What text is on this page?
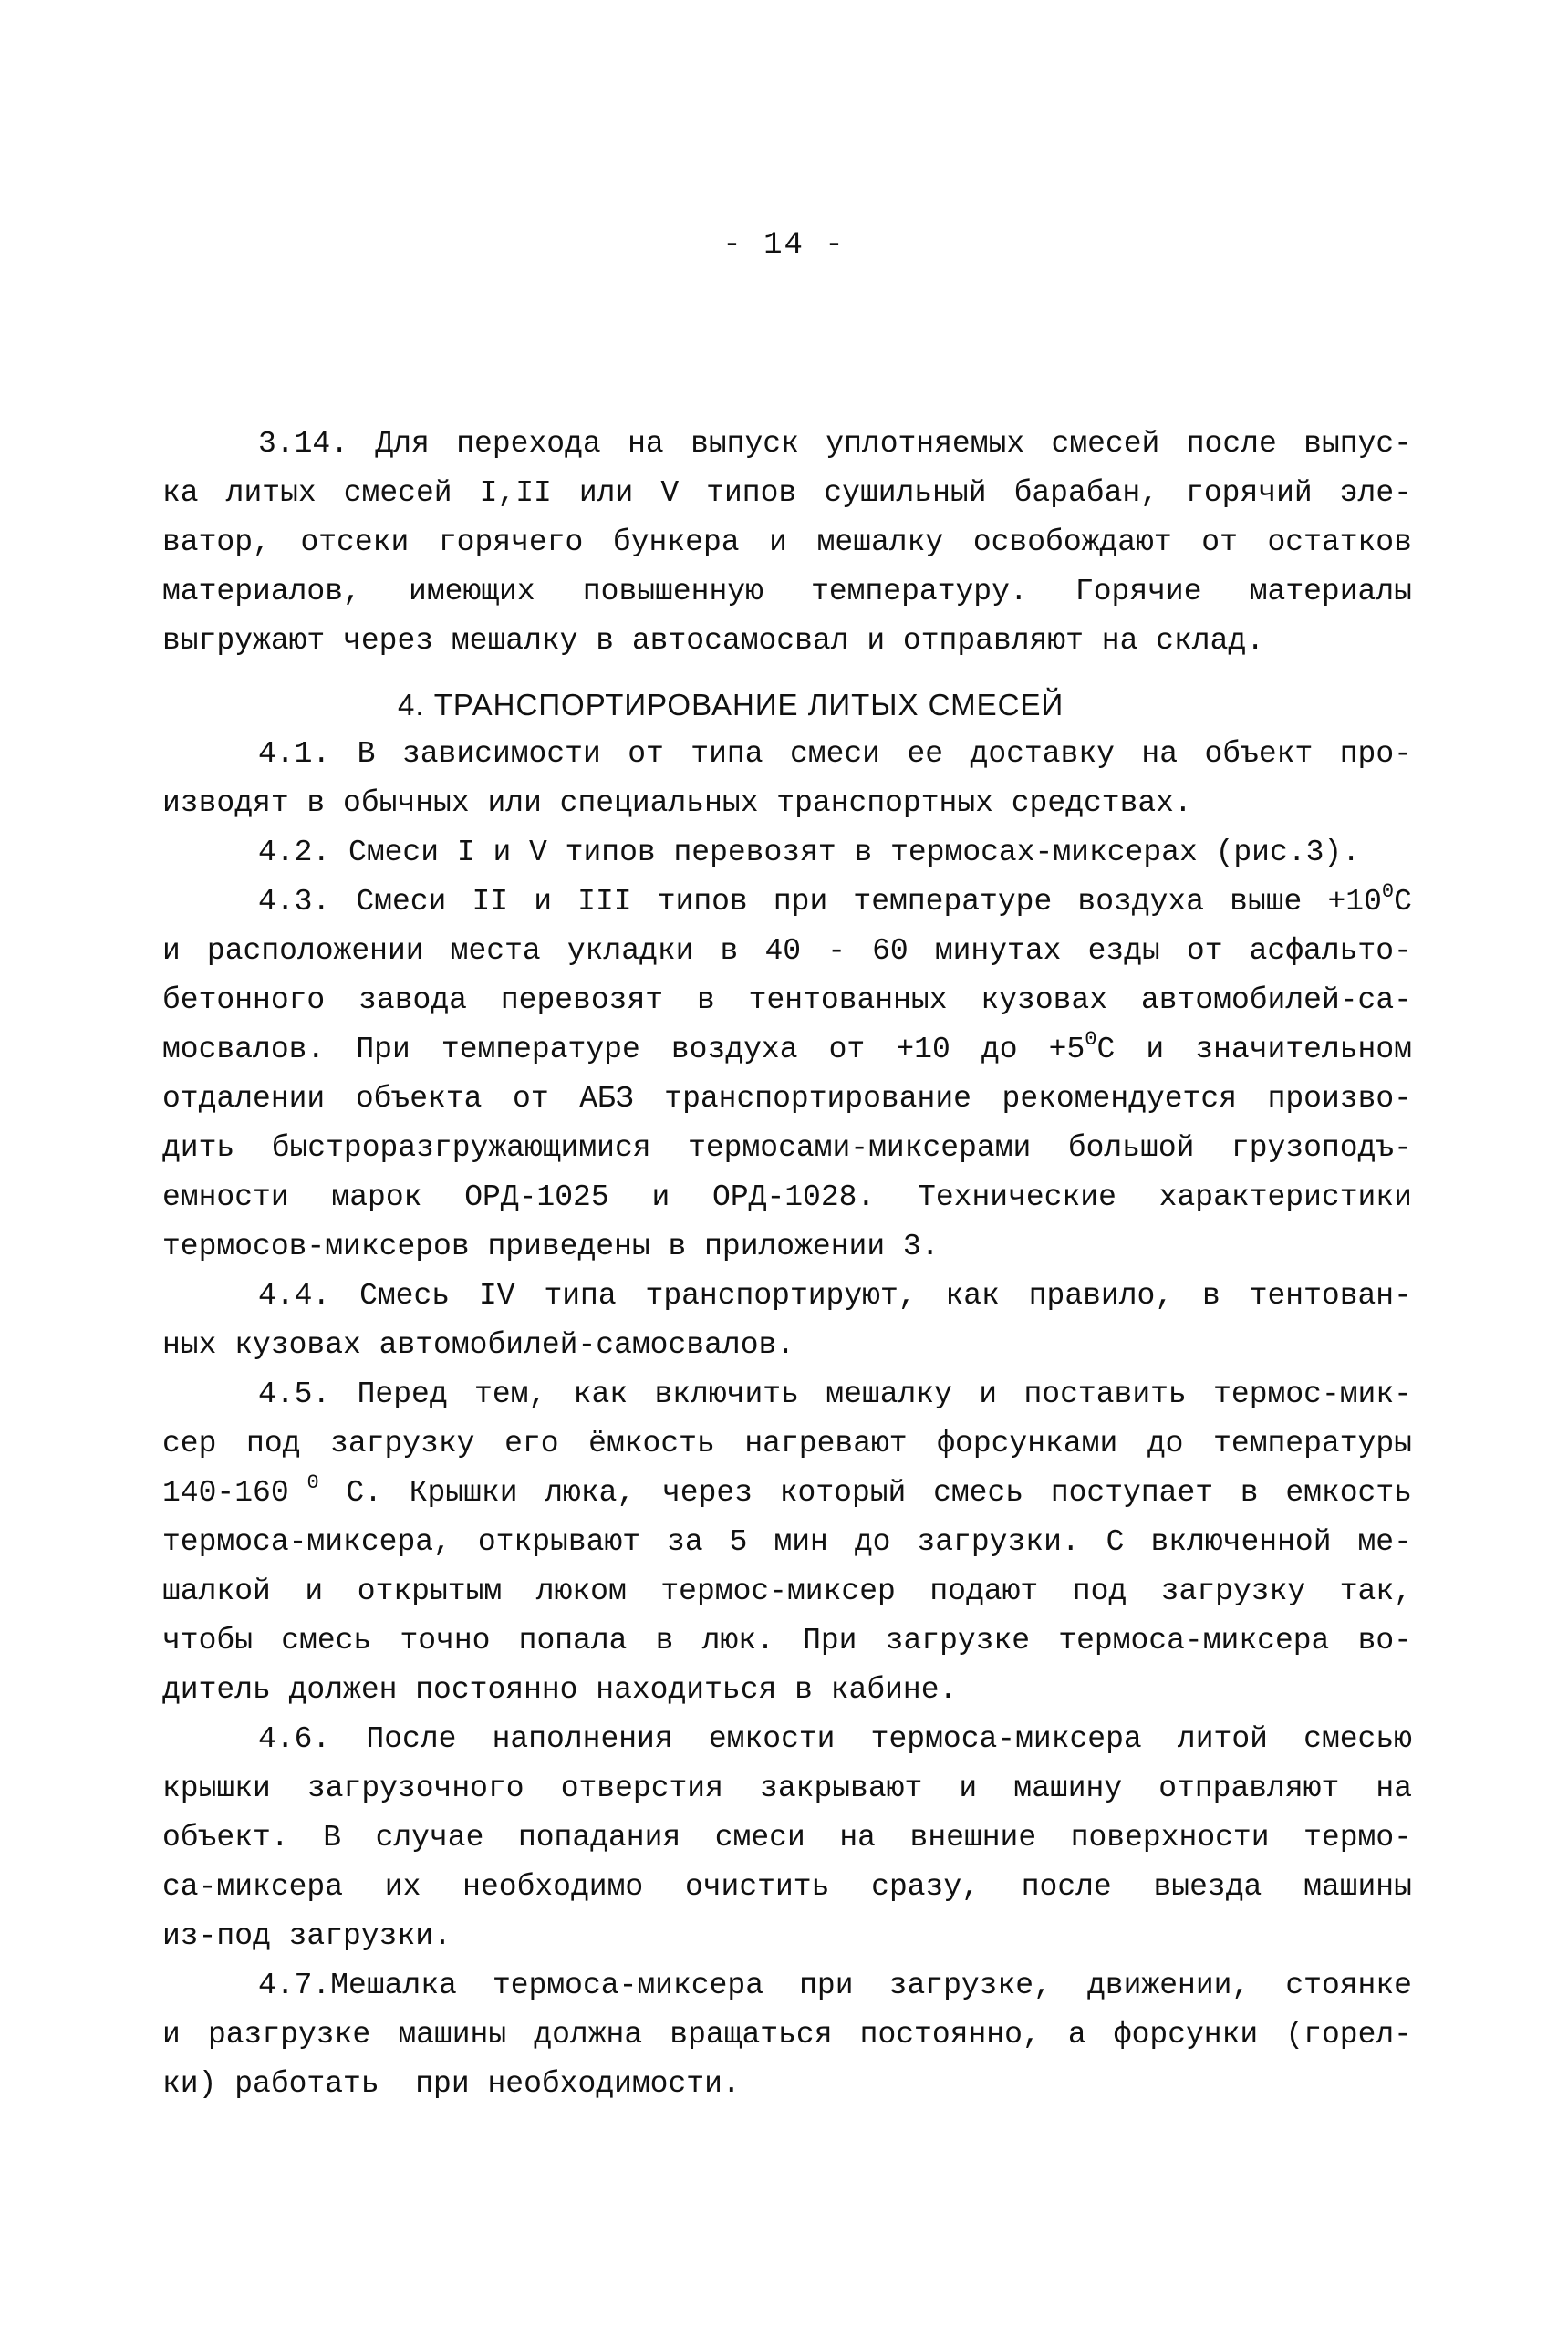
- 14 -
3.14. Для перехода на выпуск уплотняемых смесей после выпус-
ка литых смесей I,II или V типов сушильный барабан, горячий эле-
ватор, отсеки горячего бункера и мешалку освобождают от остатков
материалов, имеющих повышенную температуру. Горячие материалы
выгружают через мешалку в автосамосвал и отправляют на склад.
4. ТРАНСПОРТИРОВАНИЕ ЛИТЫХ СМЕСЕЙ
4.1. В зависимости от типа смеси ее доставку на объект про-
изводят в обычных или специальных транспортных средствах.
4.2. Смеси I и V типов перевозят в термосах-миксерах (рис.3).
4.3. Смеси II и III типов при температуре воздуха выше $+10^0С$
и расположении места укладки в 40 - 60 минутах езды от асфальто-
бетонного завода перевозят в тентованных кузовах автомобилей-са-
мосвалов. При температуре воздуха от +10 до $+5^0С$ и значительном
отдалении объекта от АБЗ транспортирование рекомендуется произво-
дить быстроразгружающимися термосами-миксерами большой грузоподъ-
емности марок ОРД-1025 и ОРД-1028. Технические характеристики
термосов-миксеров приведены в приложении 3.
4.4. Смесь IV типа транспортируют, как правило, в тентован-
ных кузовах автомобилей-самосвалов.
4.5. Перед тем, как включить мешалку и поставить термос-мик-
сер под загрузку его ёмкость нагревают форсунками до температуры
140-160 $^0$ С. Крышки люка, через который смесь поступает в емкость
термоса-миксера, открывают за 5 мин до загрузки. С включенной ме-
шалкой и открытым люком термос-миксер подают под загрузку так,
чтобы смесь точно попала в люк. При загрузке термоса-миксера во-
дитель должен постоянно находиться в кабине.
4.6. После наполнения емкости термоса-миксера литой смесью
крышки загрузочного отверстия закрывают и машину отправляют на
объект. В случае попадания смеси на внешние поверхности термо-
са-миксера их необходимо очистить сразу, после выезда машины
из-под загрузки.
4.7.Мешалка термоса-миксера при загрузке, движении, стоянке
и разгрузке машины должна вращаться постоянно, а форсунки (горел-
ки) работать  при необходимости.
